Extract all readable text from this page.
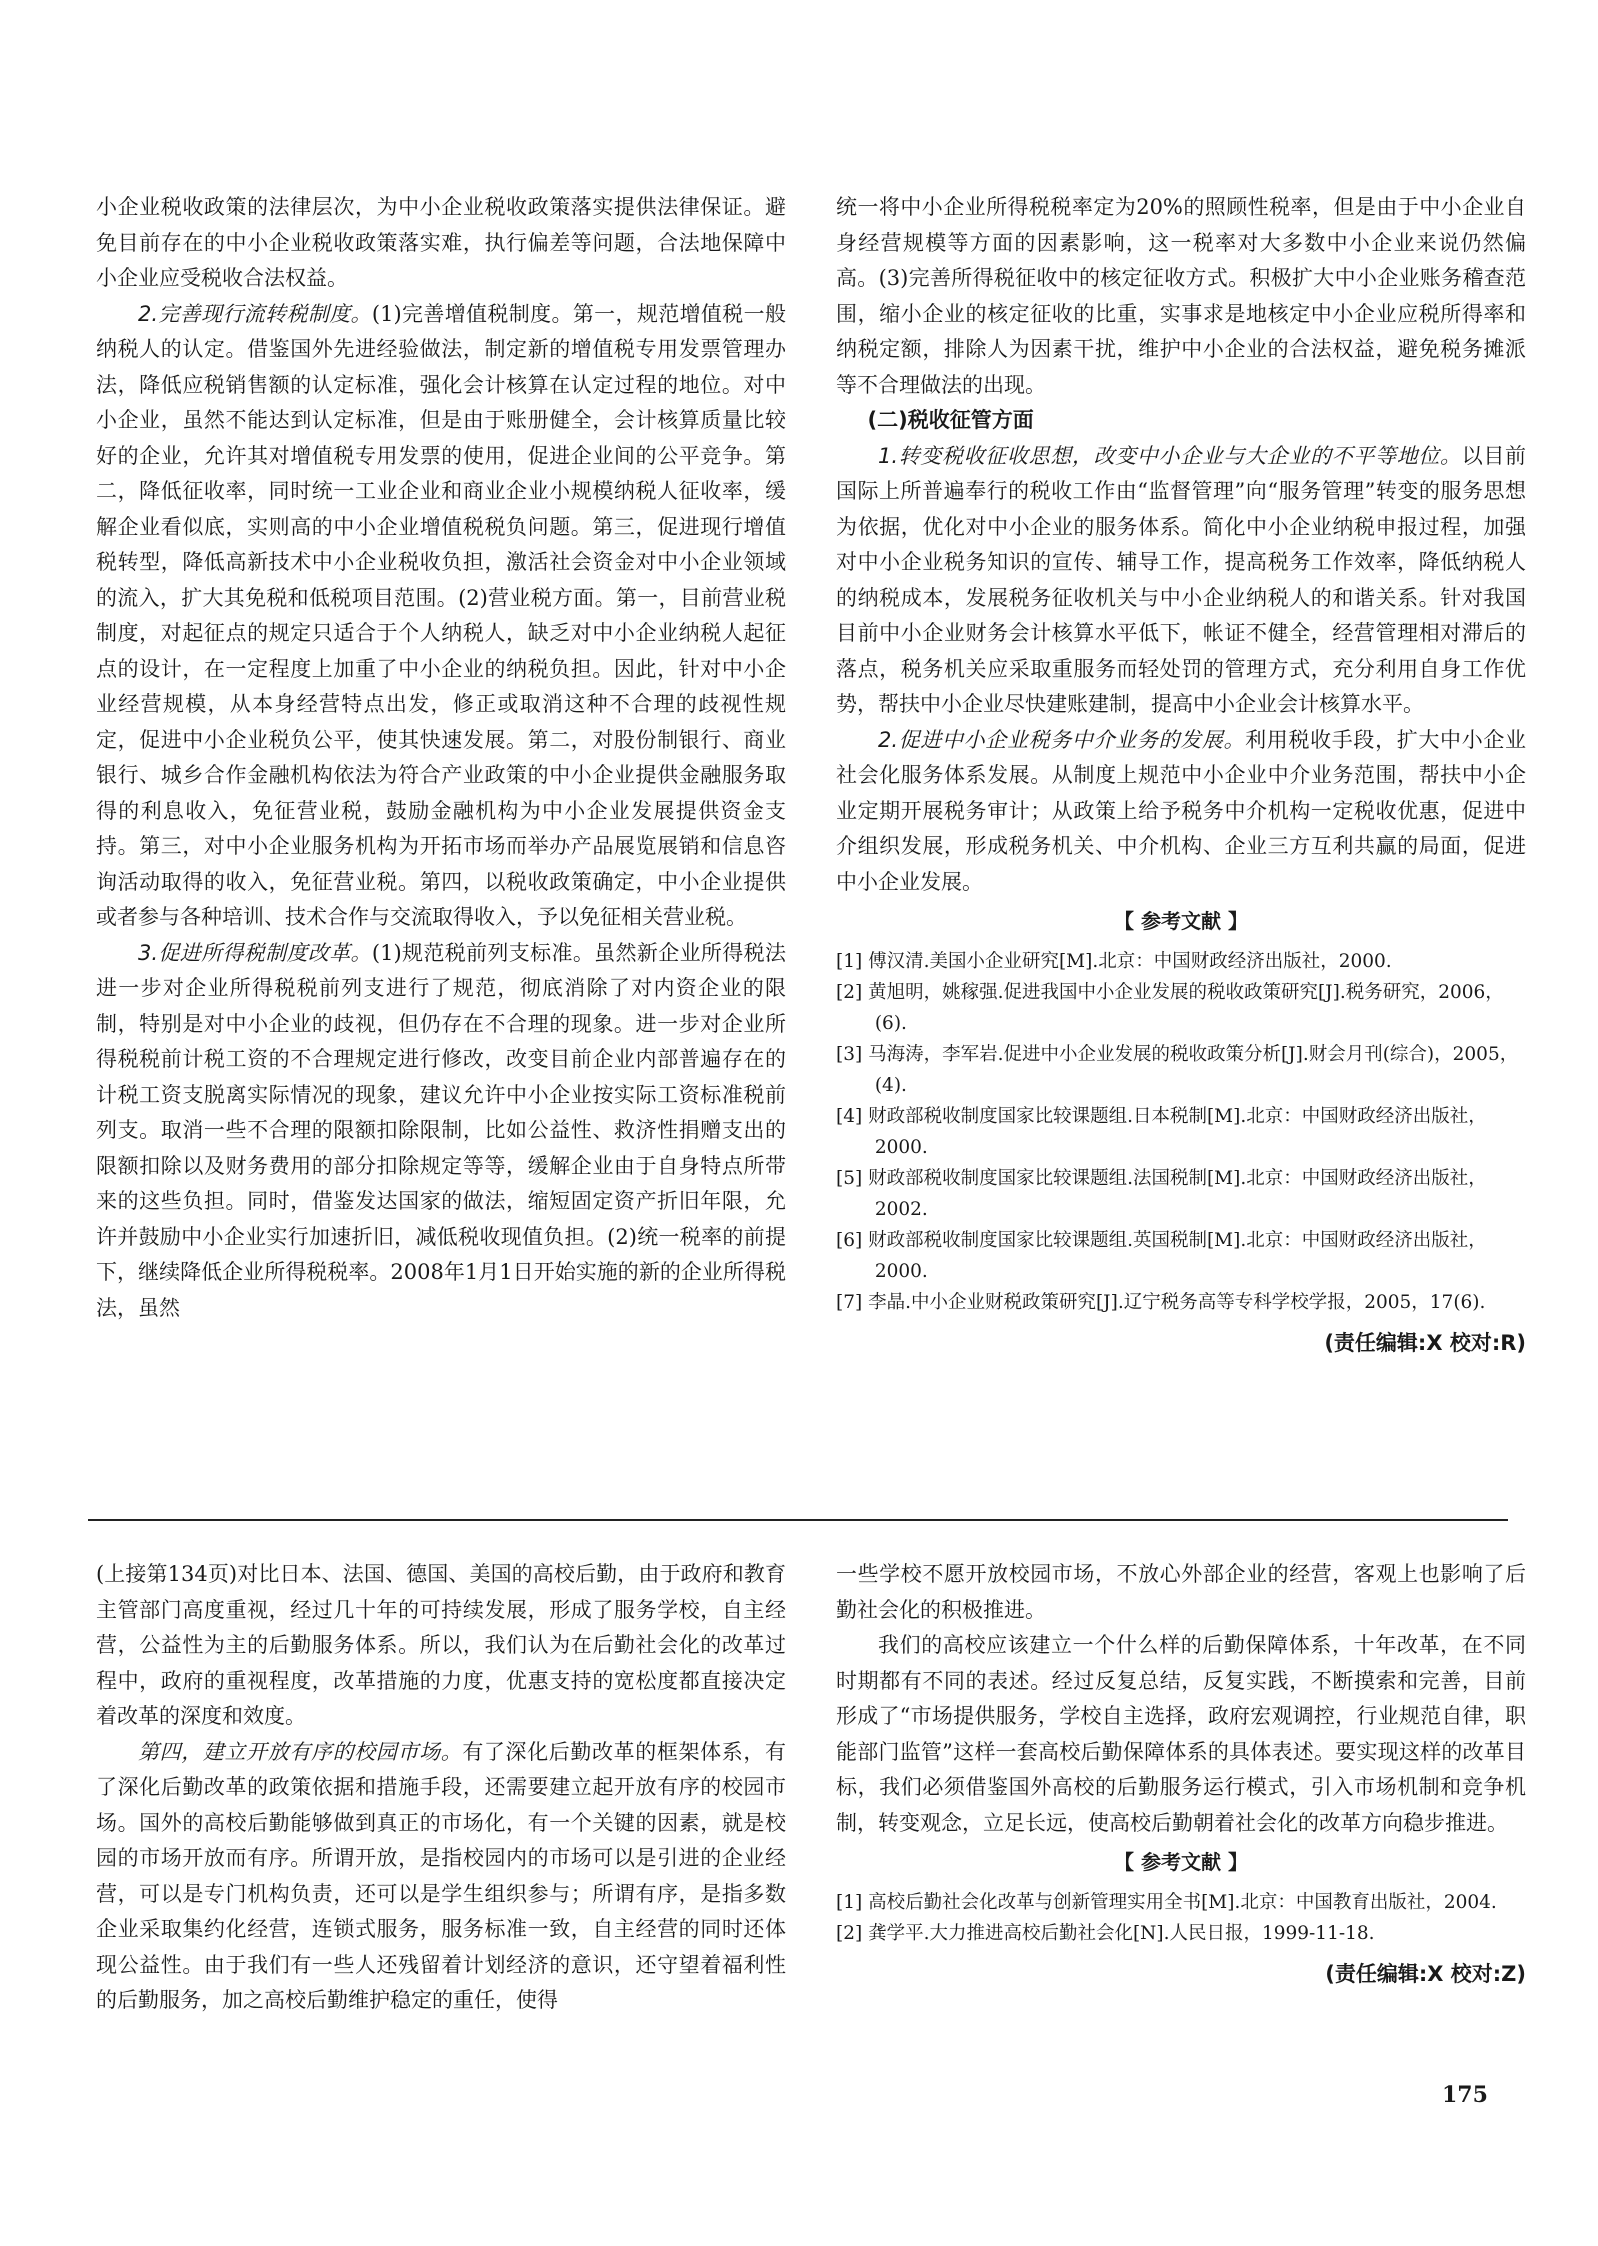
小企业税收政策的法律层次，为中小企业税收政策落实提供法律保证。避免目前存在的中小企业税收政策落实难，执行偏差等问题，合法地保障中小企业应受税收合法权益。

2.完善现行流转税制度。(1)完善增值税制度。第一，规范增值税一般纳税人的认定。借鉴国外先进经验做法，制定新的增值税专用发票管理办法，降低应税销售额的认定标准，强化会计核算在认定过程的地位。对中小企业，虽然不能达到认定标准，但是由于账册健全，会计核算质量比较好的企业，允许其对增值税专用发票的使用，促进企业间的公平竞争。第二，降低征收率，同时统一工业企业和商业企业小规模纳税人征收率，缓解企业看似底，实则高的中小企业增值税税负问题。第三，促进现行增值税转型，降低高新技术中小企业税收负担，激活社会资金对中小企业领域的流入，扩大其免税和低税项目范围。(2)营业税方面。第一，目前营业税制度，对起征点的规定只适合于个人纳税人，缺乏对中小企业纳税人起征点的设计，在一定程度上加重了中小企业的纳税负担。因此，针对中小企业经营规模，从本身经营特点出发，修正或取消这种不合理的歧视性规定，促进中小企业税负公平，使其快速发展。第二，对股份制银行、商业银行、城乡合作金融机构依法为符合产业政策的中小企业提供金融服务取得的利息收入，免征营业税，鼓励金融机构为中小企业发展提供资金支持。第三，对中小企业服务机构为开拓市场而举办产品展览展销和信息咨询活动取得的收入，免征营业税。第四，以税收政策确定，中小企业提供或者参与各种培训、技术合作与交流取得收入，予以免征相关营业税。

3.促进所得税制度改革。(1)规范税前列支标准。虽然新企业所得税法进一步对企业所得税税前列支进行了规范，彻底消除了对内资企业的限制，特别是对中小企业的歧视，但仍存在不合理的现象。进一步对企业所得税税前计税工资的不合理规定进行修改，改变目前企业内部普遍存在的计税工资支脱离实际情况的现象，建议允许中小企业按实际工资标准税前列支。取消一些不合理的限额扣除限制，比如公益性、救济性捐赠支出的限额扣除以及财务费用的部分扣除规定等等，缓解企业由于自身特点所带来的这些负担。同时，借鉴发达国家的做法，缩短固定资产折旧年限，允许并鼓励中小企业实行加速折旧，减低税收现值负担。(2)统一税率的前提下，继续降低企业所得税税率。2008年1月1日开始实施的新的企业所得税法，虽然

统一将中小企业所得税税率定为20%的照顾性税率，但是由于中小企业自身经营规模等方面的因素影响，这一税率对大多数中小企业来说仍然偏高。(3)完善所得税征收中的核定征收方式。积极扩大中小企业账务稽查范围，缩小企业的核定征收的比重，实事求是地核定中小企业应税所得率和纳税定额，排除人为因素干扰，维护中小企业的合法权益，避免税务摊派等不合理做法的出现。

(二)税收征管方面

1.转变税收征收思想，改变中小企业与大企业的不平等地位。以目前国际上所普遍奉行的税收工作由“监督管理”向“服务管理”转变的服务思想为依据，优化对中小企业的服务体系。简化中小企业纳税申报过程，加强对中小企业税务知识的宣传、辅导工作，提高税务工作效率，降低纳税人的纳税成本，发展税务征收机关与中小企业纳税人的和谐关系。针对我国目前中小企业财务会计核算水平低下，帐证不健全，经营管理相对滞后的落点，税务机关应采取重服务而轻处罚的管理方式，充分利用自身工作优势，帮扶中小企业尽快建账建制，提高中小企业会计核算水平。

2.促进中小企业税务中介业务的发展。利用税收手段，扩大中小企业社会化服务体系发展。从制度上规范中小企业中介业务范围，帮扶中小企业定期开展税务审计；从政策上给予税务中介机构一定税收优惠，促进中介组织发展，形成税务机关、中介机构、企业三方互利共赢的局面，促进中小企业发展。

【 参考文献 】
[1] 傅汉清.美国小企业研究[M].北京：中国财政经济出版社，2000.
[2] 黄旭明，姚稼强.促进我国中小企业发展的税收政策研究[J].税务研究，2006，(6).
[3] 马海涛，李军岩.促进中小企业发展的税收政策分析[J].财会月刊(综合)，2005，(4).
[4] 财政部税收制度国家比较课题组.日本税制[M].北京：中国财政经济出版社，2000.
[5] 财政部税收制度国家比较课题组.法国税制[M].北京：中国财政经济出版社，2002.
[6] 财政部税收制度国家比较课题组.英国税制[M].北京：中国财政经济出版社，2000.
[7] 李晶.中小企业财税政策研究[J].辽宁税务高等专科学校学报，2005，17(6).
(责任编辑:X 校对:R)

(上接第134页)对比日本、法国、德国、美国的高校后勤，由于政府和教育主管部门高度重视，经过几十年的可持续发展，形成了服务学校，自主经营，公益性为主的后勤服务体系。所以，我们认为在后勤社会化的改革过程中，政府的重视程度，改革措施的力度，优惠支持的宽松度都直接决定着改革的深度和效度。

第四，建立开放有序的校园市场。有了深化后勤改革的框架体系，有了深化后勤改革的政策依据和措施手段，还需要建立起开放有序的校园市场。国外的高校后勤能够做到真正的市场化，有一个关键的因素，就是校园的市场开放而有序。所谓开放，是指校园内的市场可以是引进的企业经营，可以是专门机构负责，还可以是学生组织参与；所谓有序，是指多数企业采取集约化经营，连锁式服务，服务标准一致，自主经营的同时还体现公益性。由于我们有一些人还残留着计划经济的意识，还守望着福利性的后勤服务，加之高校后勤维护稳定的重任，使得

一些学校不愿开放校园市场，不放心外部企业的经营，客观上也影响了后勤社会化的积极推进。

我们的高校应该建立一个什么样的后勤保障体系，十年改革，在不同时期都有不同的表述。经过反复总结，反复实践，不断摸索和完善，目前形成了“市场提供服务，学校自主选择，政府宏观调控，行业规范自律，职能部门监管”这样一套高校后勤保障体系的具体表述。要实现这样的改革目标，我们必须借鉴国外高校的后勤服务运行模式，引入市场机制和竞争机制，转变观念，立足长远，使高校后勤朝着社会化的改革方向稳步推进。

【 参考文献 】
[1] 高校后勤社会化改革与创新管理实用全书[M].北京：中国教育出版社，2004.
[2] 龚学平.大力推进高校后勤社会化[N].人民日报，1999-11-18.
(责任编辑:X 校对:Z)
175
